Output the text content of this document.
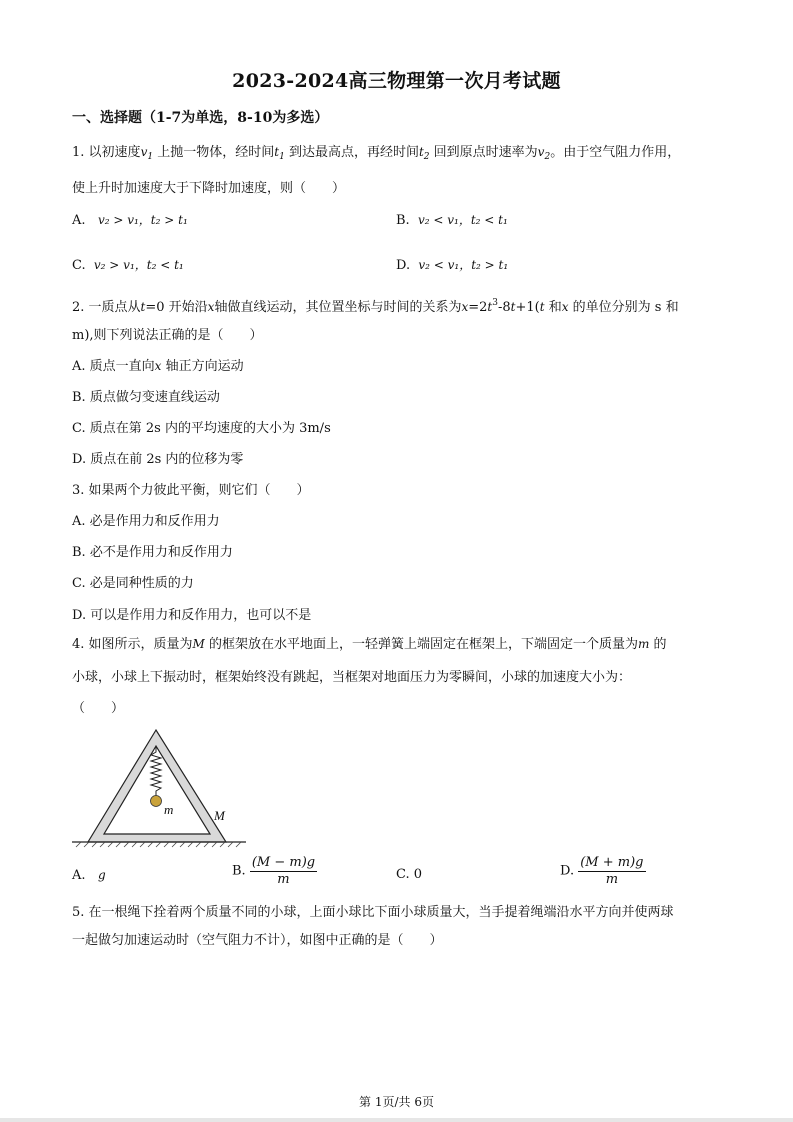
2023-2024高三物理第一次月考试题
一、选择题（1-7为单选，8-10为多选）
1. 以初速度$v_1$ 上抛一物体，经时间$t_1$ 到达最高点，再经时间$t_2$ 回到原点时速率为$v_2$。由于空气阻力作用，
使上升时加速度大于下降时加速度，则（　　）
A. v₂ > v₁，t₂ > t₁	B. v₂ < v₁，t₂ < t₁
C. v₂ > v₁，t₂ < t₁	D. v₂ < v₁，t₂ > t₁
2. 一质点从t=0 开始沿x轴做直线运动，其位置坐标与时间的关系为$x=2t^3-8t+1(t$ 和x 的单位分别为 s 和
m),则下列说法正确的是（　　）
A. 质点一直向x 轴正方向运动
B. 质点做匀变速直线运动
C. 质点在第 2s 内的平均速度的大小为 3m/s
D. 质点在前 2s 内的位移为零
3. 如果两个力彼此平衡，则它们（　　）
A. 必是作用力和反作用力
B. 必不是作用力和反作用力
C. 必是同种性质的力
D. 可以是作用力和反作用力，也可以不是
4. 如图所示，质量为M 的框架放在水平地面上，一轻弹簧上端固定在框架上，下端固定一个质量为m 的
小球，小球上下振动时，框架始终没有跳起，当框架对地面压力为零瞬间，小球的加速度大小为：
（　　）
m	M
A. g	B. $\frac{(M - m)g}{m}$	C. 0	D. $\frac{(M + m)g}{m}$
5. 在一根绳下拴着两个质量不同的小球，上面小球比下面小球质量大，当手提着绳端沿水平方向并使两球
一起做匀加速运动时（空气阻力不计），如图中正确的是（　　）
第 1页/共 6页
